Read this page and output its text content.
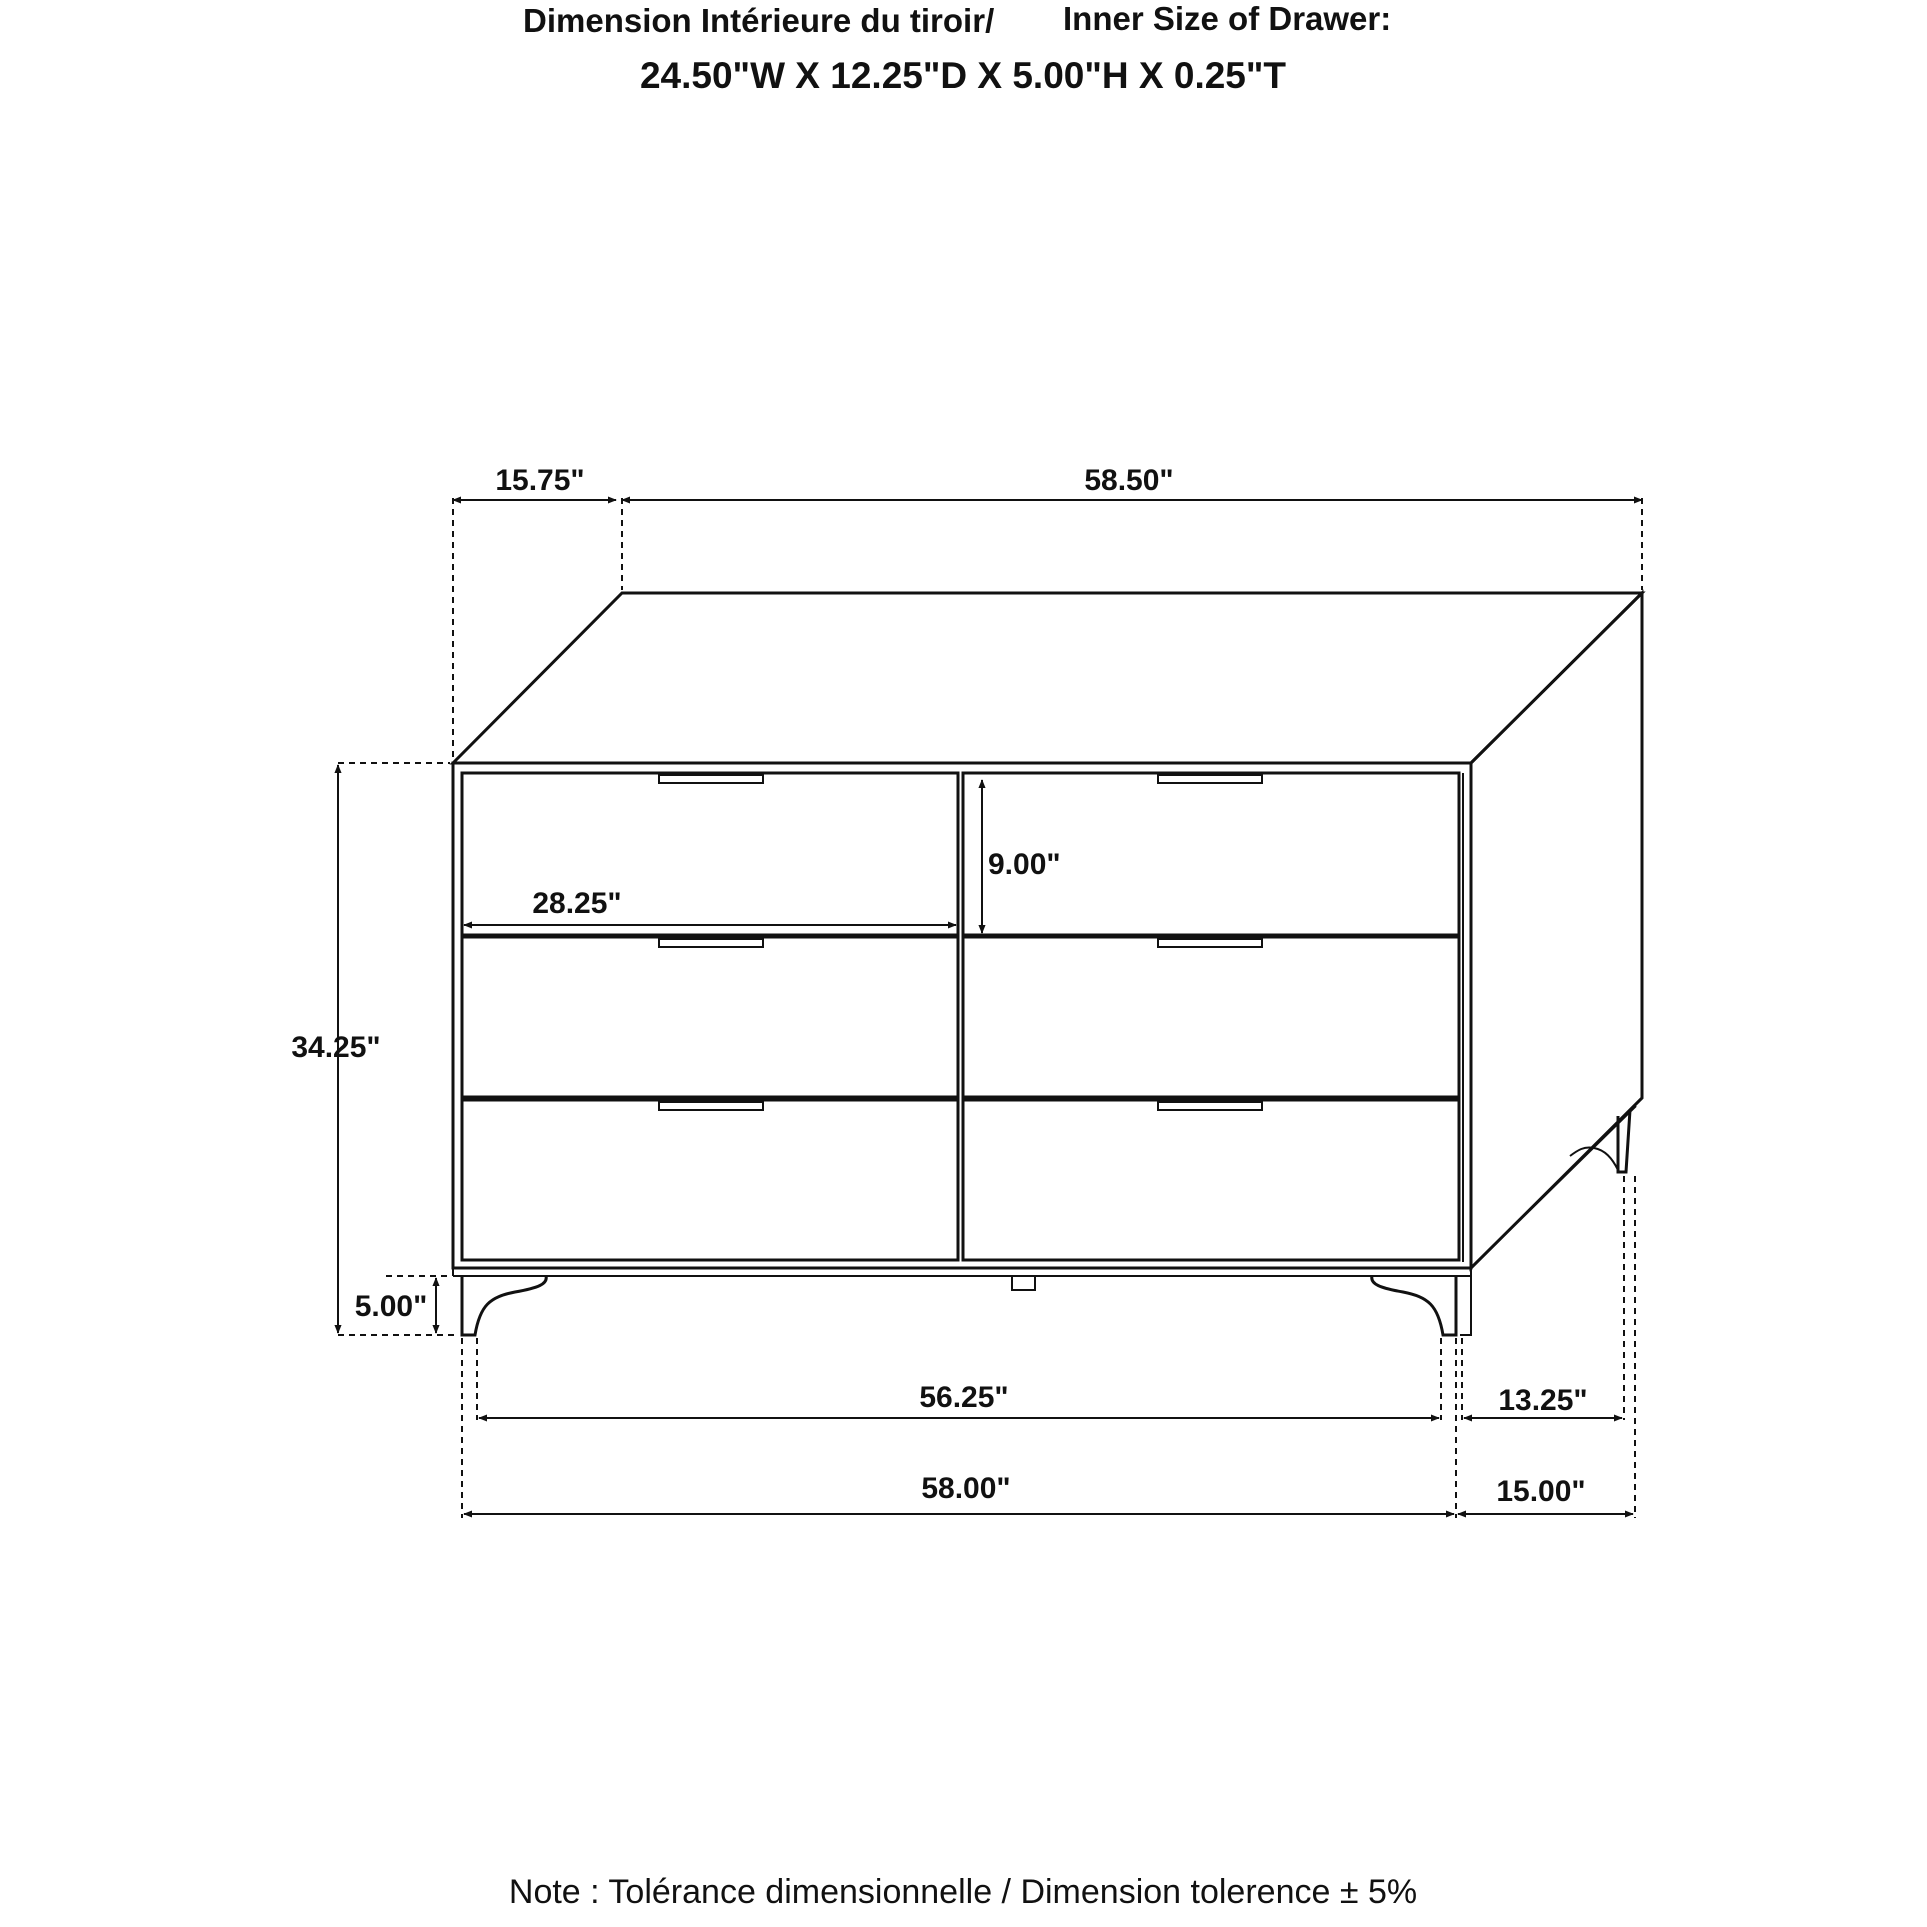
Dimension Intérieure du tiroir/ Inner Size of Drawer:
24.50"W X 12.25"D X 5.00"H X 0.25"T
15.75"	58.50"
9.00"
28.25"
34.25"
5.00"
56.25"	13.25"
58.00"	15.00"
Note : Tolérance dimensionnelle / Dimension tolerence ± 5%
